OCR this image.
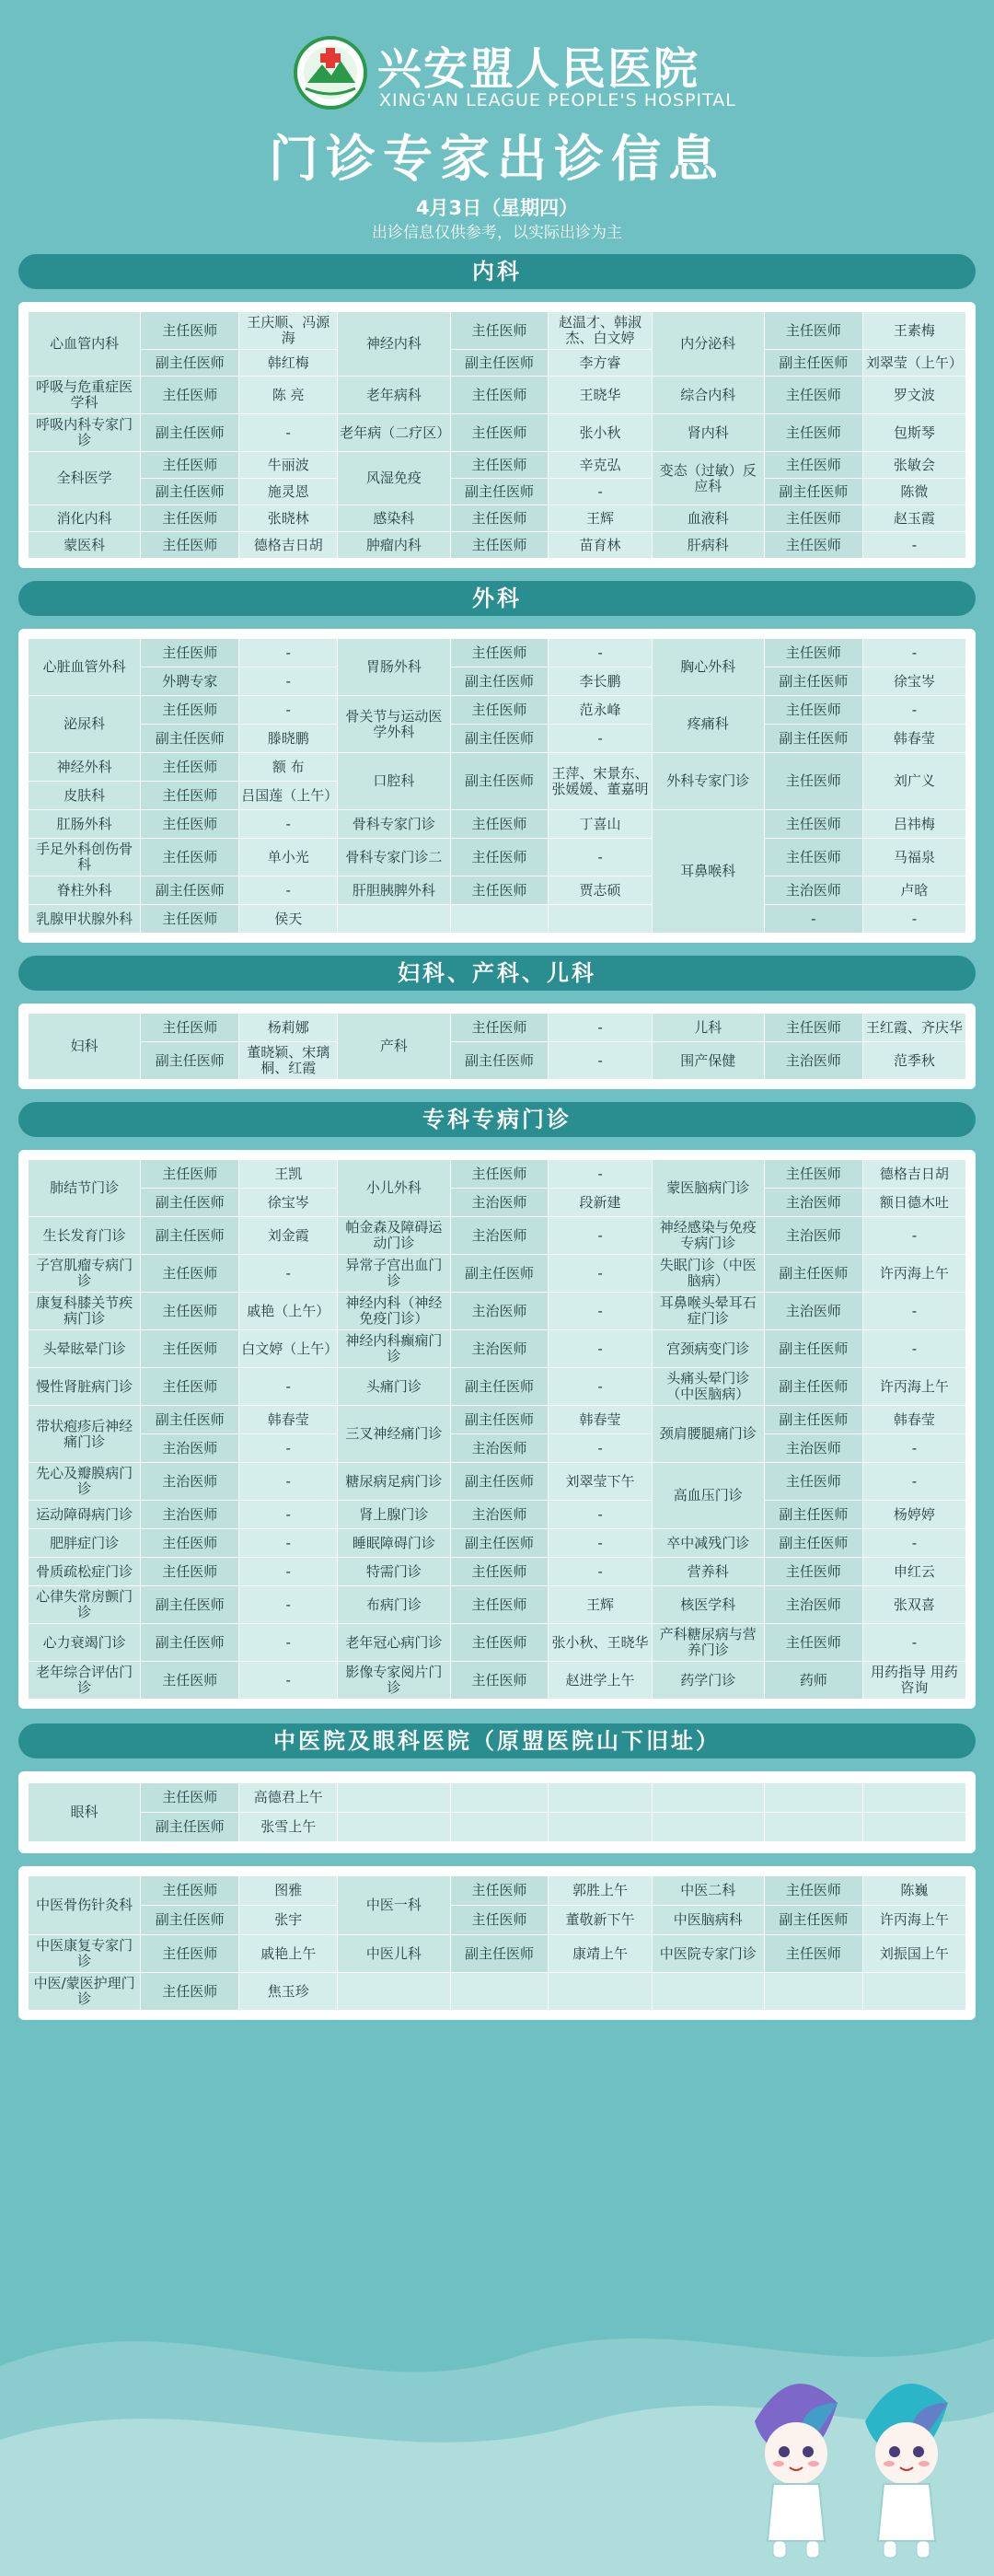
兴安盟人民医院
XING'AN LEAGUE PEOPLE'S HOSPITAL
门诊专家出诊信息
4月3日（星期四）
出诊信息仅供参考，以实际出诊为主
内科
心血管内科	主任医师	王庆顺、冯源海	神经内科	主任医师	赵温才、韩淑杰、白文婷	内分泌科	主任医师	王素梅
	副主任医师	韩红梅		副主任医师	李方睿		副主任医师	刘翠莹（上午）
呼吸与危重症医学科	主任医师	陈 亮	老年病科	主任医师	王晓华	综合内科	主任医师	罗文波
呼吸内科专家门诊	副主任医师	-	老年病（二疗区）	主任医师	张小秋	肾内科	主任医师	包斯琴
全科医学	主任医师	牛丽波	风湿免疫	主任医师	辛克弘	变态（过敏）反应科	主任医师	张敏会
	副主任医师	施灵恩		副主任医师	-		副主任医师	陈微
消化内科	主任医师	张晓林	感染科	主任医师	王辉	血液科	主任医师	赵玉霞
蒙医科	主任医师	德格吉日胡	肿瘤内科	主任医师	苗育林	肝病科	主任医师	-
外科
心脏血管外科	主任医师	-	胃肠外科	主任医师	-	胸心外科	主任医师	-
	外聘专家	-		副主任医师	李长鹏		副主任医师	徐宝岑
泌尿科	主任医师	-	骨关节与运动医学外科	主任医师	范永峰	疼痛科	主任医师	-
	副主任医师	滕晓鹏		副主任医师	-		副主任医师	韩春莹
神经外科	主任医师	额 布	口腔科	副主任医师	王萍、宋景东、张媛媛、董嘉明	外科专家门诊	主任医师	刘广义
皮肤科	主任医师	吕国莲（上午）						
肛肠外科	主任医师	-	骨科专家门诊	主任医师	丁喜山	耳鼻喉科	主任医师	吕祎梅
手足外科创伤骨科	主任医师	单小光	骨科专家门诊二	主任医师	-		主任医师	马福泉
脊柱外科	副主任医师	-	肝胆胰脾外科	主任医师	贾志硕		主治医师	卢晗
乳腺甲状腺外科	主任医师	侯天					-	-
妇科、产科、儿科
妇科	主任医师	杨莉娜	产科	主任医师	-	儿科	主任医师	王红霞、齐庆华
	副主任医师	董晓颖、宋璃桐、红霞		副主任医师	-	围产保健	主治医师	范季秋
专科专病门诊
肺结节门诊	主任医师	王凯	小儿外科	主任医师	-	蒙医脑病门诊	主任医师	德格吉日胡
	副主任医师	徐宝岑		主治医师	段新建		主治医师	额日德木吐
生长发育门诊	副主任医师	刘金霞	帕金森及障碍运动门诊	主治医师	-	神经感染与免疫专病门诊	主治医师	-
子宫肌瘤专病门诊	主任医师	-	异常子宫出血门诊	副主任医师	-	失眠门诊（中医脑病）	副主任医师	许丙海上午
康复科膝关节疾病门诊	主任医师	戚艳（上午）	神经内科（神经免疫门诊）	主治医师	-	耳鼻喉头晕耳石症门诊	主治医师	-
头晕眩晕门诊	主任医师	白文婷（上午）	神经内科癫痫门诊	主治医师	-	宫颈病变门诊	副主任医师	-
慢性肾脏病门诊	主任医师	-	头痛门诊	副主任医师	-	头痛头晕门诊（中医脑病）	副主任医师	许丙海上午
带状疱疹后神经痛门诊	副主任医师	韩春莹	三叉神经痛门诊	副主任医师	韩春莹	颈肩腰腿痛门诊	副主任医师	韩春莹
	主治医师	-		主治医师	-		主治医师	-
先心及瓣膜病门诊	主治医师	-	糖尿病足病门诊	副主任医师	刘翠莹下午	高血压门诊	主任医师	-
运动障碍病门诊	主治医师	-	肾上腺门诊	主治医师	-		副主任医师	杨婷婷
肥胖症门诊	主任医师	-	睡眠障碍门诊	副主任医师	-	卒中减残门诊	副主任医师	-
骨质疏松症门诊	主任医师	-	特需门诊	主任医师	-	营养科	主任医师	申红云
心律失常房颤门诊	副主任医师	-	布病门诊	主任医师	王辉	核医学科	主治医师	张双喜
心力衰竭门诊	副主任医师	-	老年冠心病门诊	主任医师	张小秋、王晓华	产科糖尿病与营养门诊	主任医师	-
老年综合评估门诊	主任医师	-	影像专家阅片门诊	主任医师	赵进学上午	药学门诊	药师	用药指导 用药咨询
中医院及眼科医院（原盟医院山下旧址）
眼科	主任医师	高德君上午						
	副主任医师	张雪上午						
中医骨伤针灸科	主任医师	图雅	中医一科	主任医师	郭胜上午	中医二科	主任医师	陈巍
	副主任医师	张宇		主任医师	董敬新下午	中医脑病科	副主任医师	许丙海上午
中医康复专家门诊	主任医师	戚艳上午	中医儿科	副主任医师	康靖上午	中医院专家门诊	主任医师	刘振国上午
中医/蒙医护理门诊	主任医师	焦玉珍						
